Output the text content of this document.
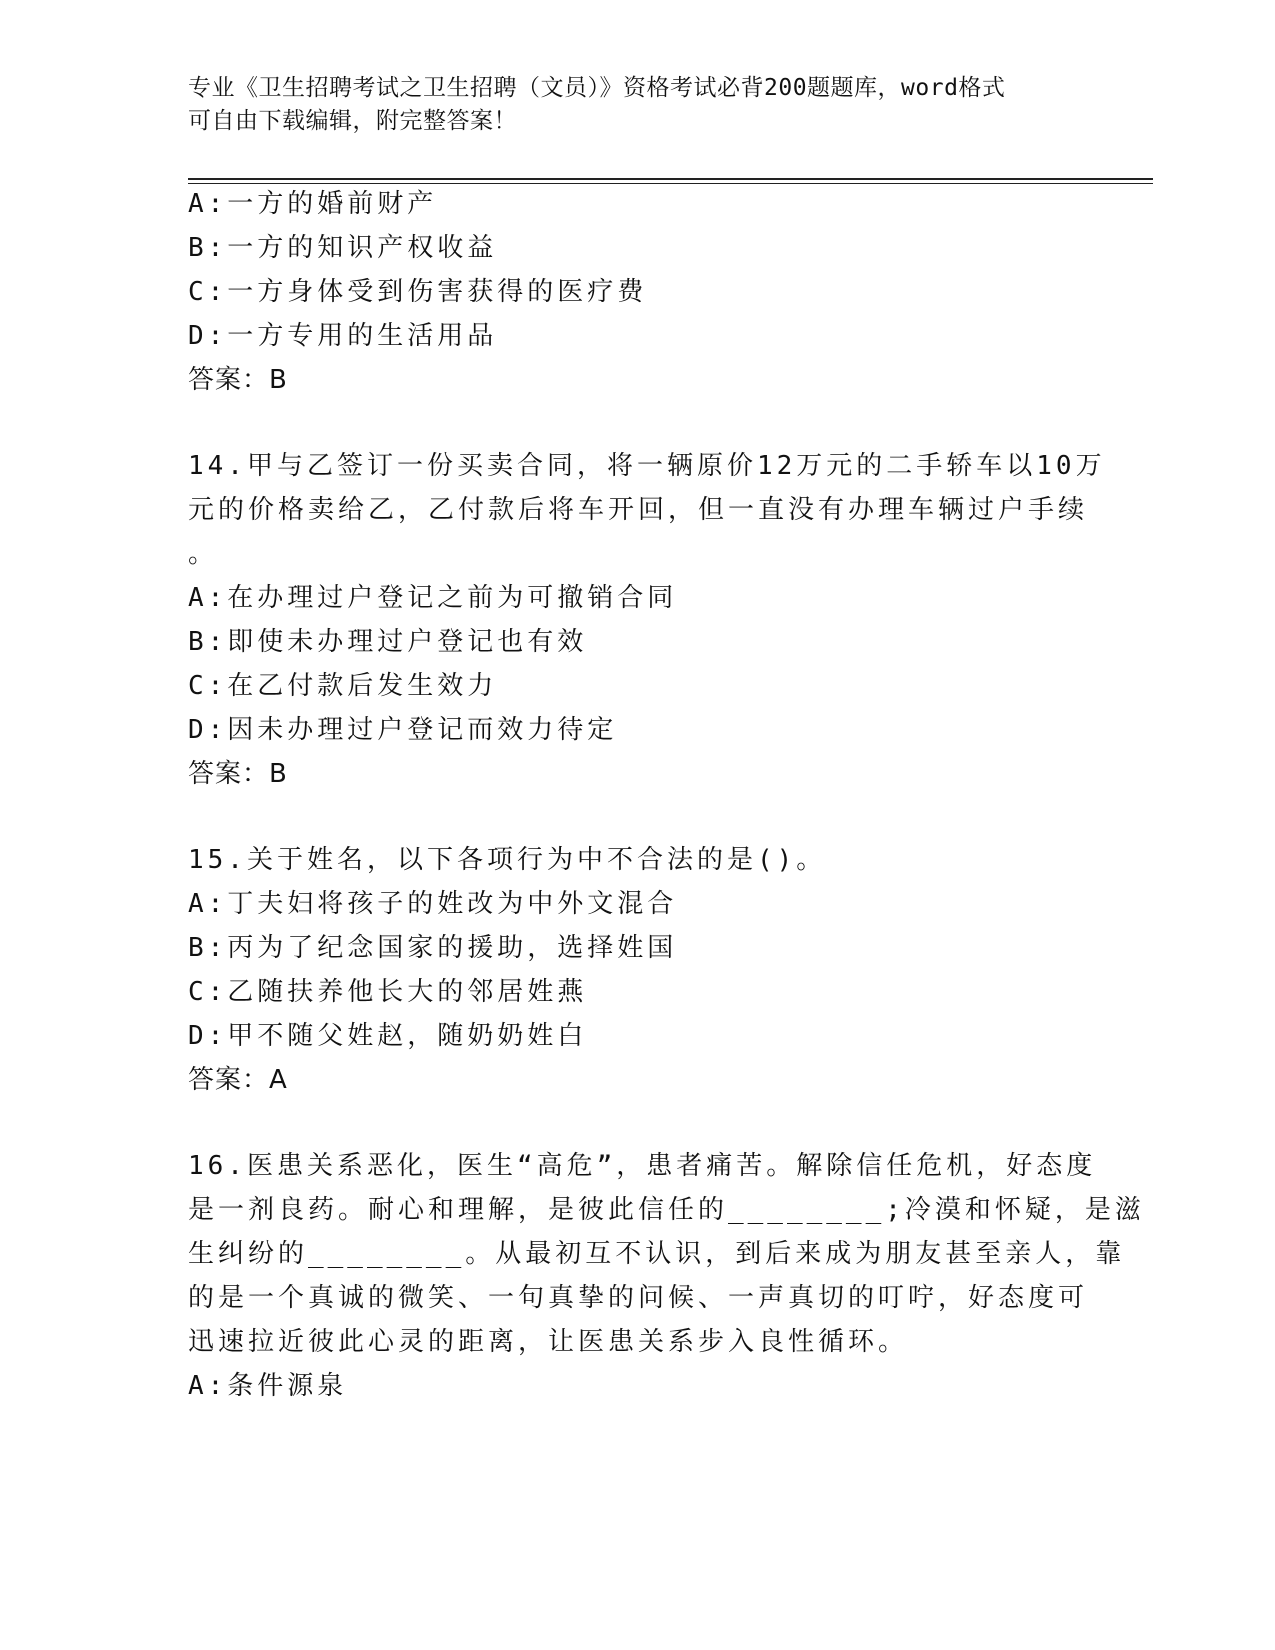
专业《卫生招聘考试之卫生招聘（文员）》资格考试必背200题题库，word格式
可自由下载编辑，附完整答案！
A:一方的婚前财产
B:一方的知识产权收益
C:一方身体受到伤害获得的医疗费
D:一方专用的生活用品
答案：B
14.甲与乙签订一份买卖合同，将一辆原价12万元的二手轿车以10万
元的价格卖给乙，乙付款后将车开回，但一直没有办理车辆过户手续
。
A:在办理过户登记之前为可撤销合同
B:即使未办理过户登记也有效
C:在乙付款后发生效力
D:因未办理过户登记而效力待定
答案：B
15.关于姓名，以下各项行为中不合法的是()。
A:丁夫妇将孩子的姓改为中外文混合
B:丙为了纪念国家的援助，选择姓国
C:乙随扶养他长大的邻居姓燕
D:甲不随父姓赵，随奶奶姓白
答案：A
16.医患关系恶化，医生“高危”，患者痛苦。解除信任危机，好态度
是一剂良药。耐心和理解，是彼此信任的________;冷漠和怀疑，是滋
生纠纷的________。从最初互不认识，到后来成为朋友甚至亲人，靠
的是一个真诚的微笑、一句真挚的问候、一声真切的叮咛，好态度可
迅速拉近彼此心灵的距离，让医患关系步入良性循环。
A:条件源泉
